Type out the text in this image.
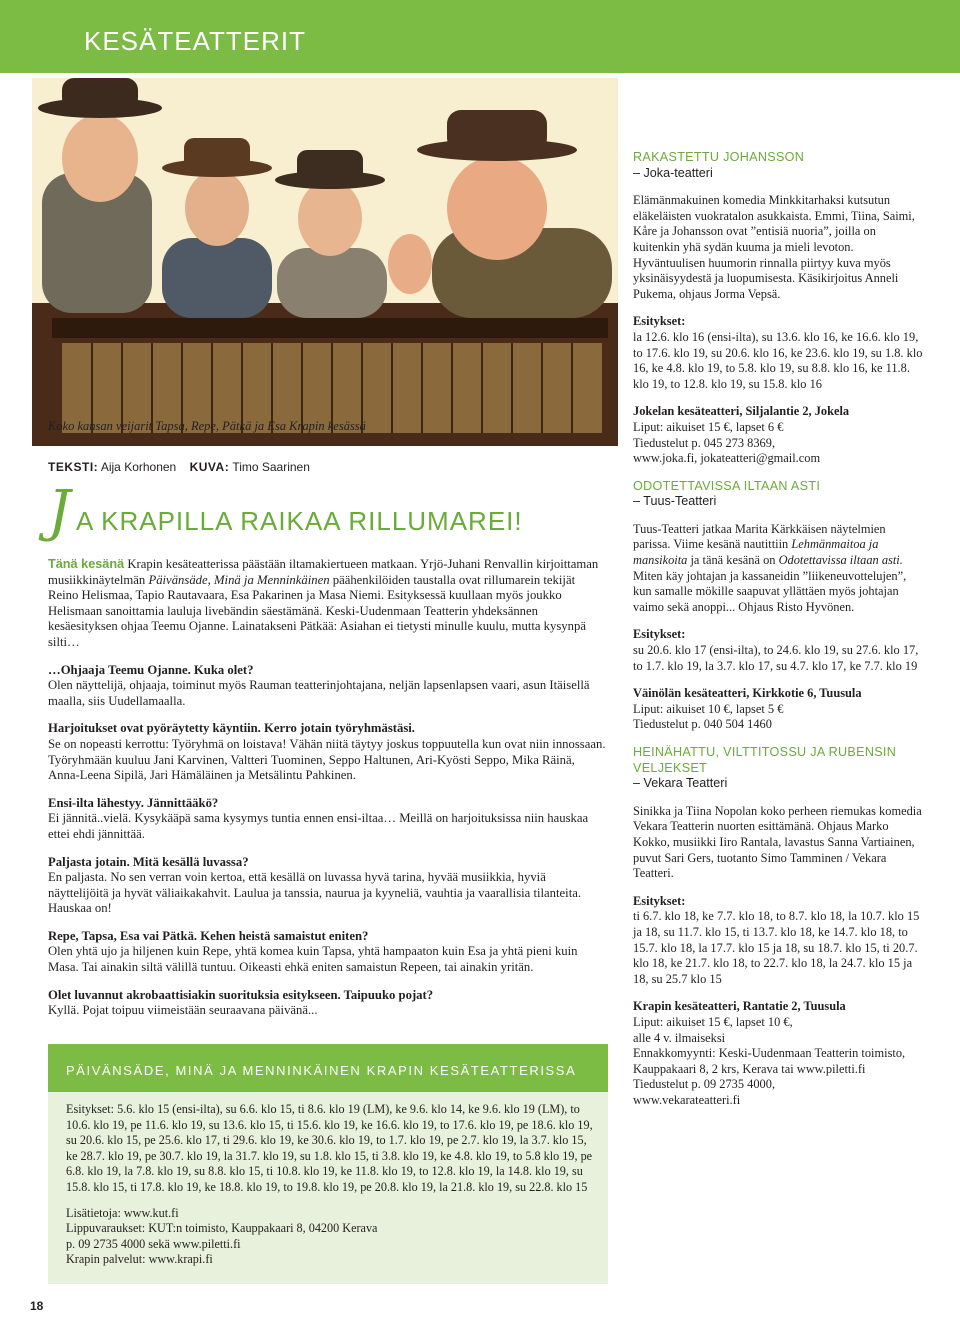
KESÄTEATTERIT
Koko kansan veijarit Tapsa, Repe, Pätkä ja Esa Krapin kesässä
TEKSTI: Aija Korhonen KUVA: Timo Saarinen
J A KRAPILLA RAIKAA RILLUMAREI!

Tänä kesänä Krapin kesäteatterissa päästään iltamakiertueen matkaan. Yrjö-Juhani Renvallin kirjoittaman musiikkinäytelmän Päivänsäde, Minä ja Menninkäinen päähenkilöiden taustalla ovat rillumarein tekijät Reino Helismaa, Tapio Rautavaara, Esa Pakarinen ja Masa Niemi. Esityksessä kuullaan myös joukko Helismaan sanoittamia lauluja livebändin säestämänä. Keski-Uudenmaan Teatterin yhdeksännen kesäesityksen ohjaa Teemu Ojanne. Lainatakseni Pätkää: Asiahan ei tietysti minulle kuulu, mutta kysynpä silti…

…Ohjaaja Teemu Ojanne. Kuka olet?
Olen näyttelijä, ohjaaja, toiminut myös Rauman teatterinjohtajana, neljän lapsenlapsen vaari, asun Itäisellä maalla, siis Uudellamaalla.

Harjoitukset ovat pyöräytetty käyntiin. Kerro jotain työryhmästäsi.
Se on nopeasti kerrottu: Työryhmä on loistava! Vähän niitä täytyy joskus toppuutella kun ovat niin innossaan. Työryhmään kuuluu Jani Karvinen, Valtteri Tuominen, Seppo Haltunen, Ari-Kyösti Seppo, Mika Räinä, Anna-Leena Sipilä, Jari Hämäläinen ja Metsälintu Pahkinen.

Ensi-ilta lähestyy. Jännittääkö?
Ei jännitä..vielä. Kysykääpä sama kysymys tuntia ennen ensi-iltaa… Meillä on harjoituksissa niin hauskaa ettei ehdi jännittää.

Paljasta jotain. Mitä kesällä luvassa?
En paljasta. No sen verran voin kertoa, että kesällä on luvassa hyvä tarina, hyvää musiikkia, hyviä näyttelijöitä ja hyvät väliaikakahvit. Laulua ja tanssia, naurua ja kyyneliä, vauhtia ja vaarallisia tilanteita. Hauskaa on!

Repe, Tapsa, Esa vai Pätkä. Kehen heistä samaistut eniten?
Olen yhtä ujo ja hiljenen kuin Repe, yhtä komea kuin Tapsa, yhtä hampaaton kuin Esa ja yhtä pieni kuin Masa. Tai ainakin siltä välillä tuntuu. Oikeasti ehkä eniten samaistun Repeen, tai ainakin yritän.

Olet luvannut akrobaattisiakin suorituksia esitykseen. Taipuuko pojat?
Kyllä. Pojat toipuu viimeistään seuraavana päivänä...

PÄIVÄNSÄDE, MINÄ JA MENNINKÄINEN KRAPIN KESÄTEATTERISSA

Esitykset: 5.6. klo 15 (ensi-ilta), su 6.6. klo 15, ti 8.6. klo 19 (LM), ke 9.6. klo 14, ke 9.6. klo 19 (LM), to 10.6. klo 19, pe 11.6. klo 19, su 13.6. klo 15, ti 15.6. klo 19, ke 16.6. klo 19, to 17.6. klo 19, pe 18.6. klo 19, su 20.6. klo 15, pe 25.6. klo 17, ti 29.6. klo 19, ke 30.6. klo 19, to 1.7. klo 19, pe 2.7. klo 19, la 3.7. klo 15, ke 28.7. klo 19, pe 30.7. klo 19, la 31.7. klo 19, su 1.8. klo 15, ti 3.8. klo 19, ke 4.8. klo 19, to 5.8 klo 19, pe 6.8. klo 19, la 7.8. klo 19, su 8.8. klo 15, ti 10.8. klo 19, ke 11.8. klo 19, to 12.8. klo 19, la 14.8. klo 19, su 15.8. klo 15, ti 17.8. klo 19, ke 18.8. klo 19, to 19.8. klo 19, pe 20.8. klo 19, la 21.8. klo 19, su 22.8. klo 15

Lisätietoja: www.kut.fi
Lippuvaraukset: KUT:n toimisto, Kauppakaari 8, 04200 Kerava
p. 09 2735 4000 sekä www.piletti.fi
Krapin palvelut: www.krapi.fi
RAKASTETTU JOHANSSON
– Joka-teatteri

Elämänmakuinen komedia Minkkitarhaksi kutsutun eläkeläisten vuokratalon asukkaista. Emmi, Tiina, Saimi, Kåre ja Johansson ovat ”entisiä nuoria”, joilla on kuitenkin yhä sydän kuuma ja mieli levoton. Hyväntuulisen huumorin rinnalla piirtyy kuva myös yksinäisyydestä ja luopumisesta. Käsikirjoitus Anneli Pukema, ohjaus Jorma Vepsä.

Esitykset:
la 12.6. klo 16 (ensi-ilta), su 13.6. klo 16, ke 16.6. klo 19, to 17.6. klo 19, su 20.6. klo 16, ke 23.6. klo 19, su 1.8. klo 16, ke 4.8. klo 19, to 5.8. klo 19, su 8.8. klo 16, ke 11.8. klo 19, to 12.8. klo 19, su 15.8. klo 16

Jokelan kesäteatteri, Siljalantie 2, Jokela
Liput: aikuiset 15 €, lapset 6 €
Tiedustelut p. 045 273 8369,
www.joka.fi, jokateatteri@gmail.com

ODOTETTAVISSA ILTAAN ASTI
– Tuus-Teatteri

Tuus-Teatteri jatkaa Marita Kärkkäisen näytelmien parissa. Viime kesänä nautittiin Lehmänmaitoa ja mansikoita ja tänä kesänä on Odotettavissa iltaan asti. Miten käy johtajan ja kassaneidin ”liikeneuvottelujen”, kun samalle mökille saapuvat yllättäen myös johtajan vaimo sekä anoppi... Ohjaus Risto Hyvönen.

Esitykset:
su 20.6. klo 17 (ensi-ilta), to 24.6. klo 19, su 27.6. klo 17, to 1.7. klo 19, la 3.7. klo 17, su 4.7. klo 17, ke 7.7. klo 19

Väinölän kesäteatteri, Kirkkotie 6, Tuusula
Liput: aikuiset 10 €, lapset 5 €
Tiedustelut p. 040 504 1460

HEINÄHATTU, VILTTITOSSU JA RUBENSIN VELJEKSET
– Vekara Teatteri

Sinikka ja Tiina Nopolan koko perheen riemukas komedia Vekara Teatterin nuorten esittämänä. Ohjaus Marko Kokko, musiikki Iiro Rantala, lavastus Sanna Vartiainen, puvut Sari Gers, tuotanto Simo Tamminen / Vekara Teatteri.

Esitykset:
ti 6.7. klo 18, ke 7.7. klo 18, to 8.7. klo 18, la 10.7. klo 15 ja 18, su 11.7. klo 15, ti 13.7. klo 18, ke 14.7. klo 18, to 15.7. klo 18, la 17.7. klo 15 ja 18, su 18.7. klo 15, ti 20.7. klo 18, ke 21.7. klo 18, to 22.7. klo 18, la 24.7. klo 15 ja 18, su 25.7 klo 15

Krapin kesäteatteri, Rantatie 2, Tuusula
Liput: aikuiset 15 €, lapset 10 €,
alle 4 v. ilmaiseksi
Ennakkomyynti: Keski-Uudenmaan Teatterin toimisto, Kauppakaari 8, 2 krs, Kerava tai www.piletti.fi
Tiedustelut p. 09 2735 4000,
www.vekarateatteri.fi

18
